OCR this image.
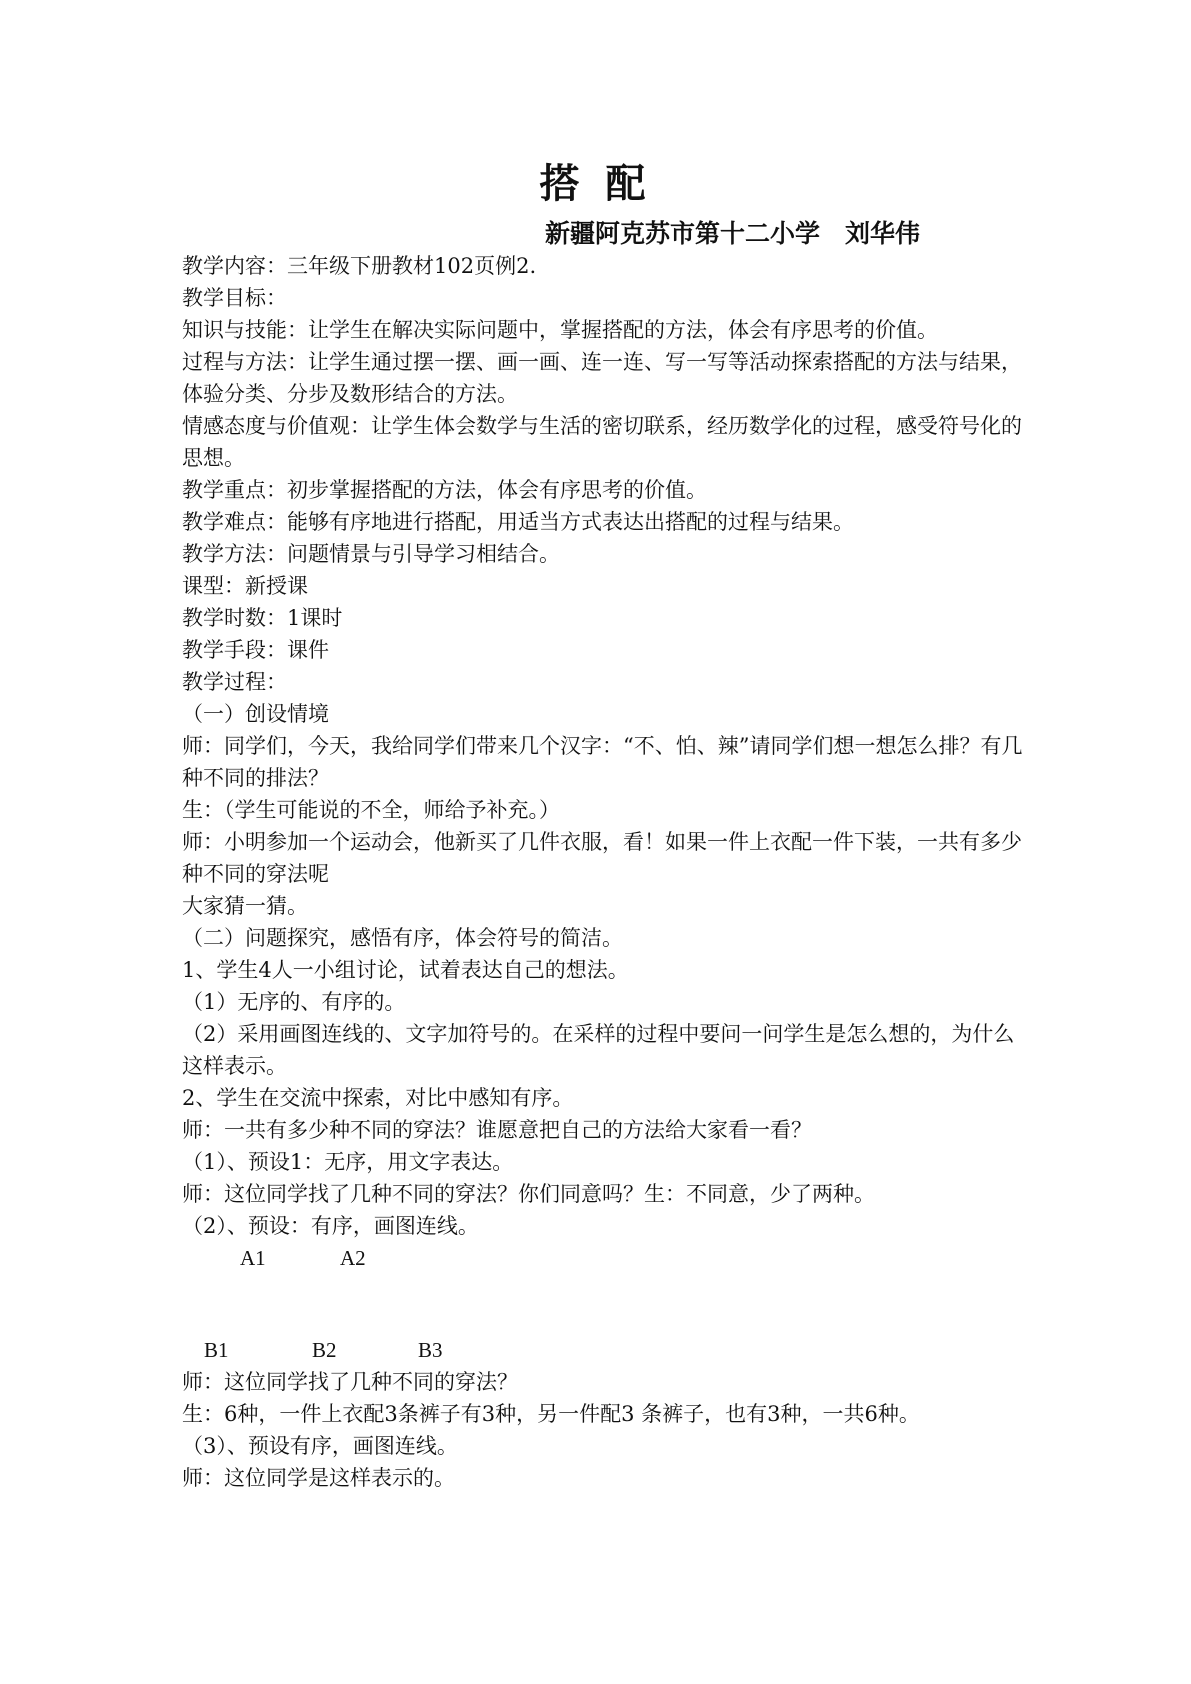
搭 配
新疆阿克苏市第十二小学　刘华伟

教学内容：三年级下册教材102页例2.

教学目标：

知识与技能：让学生在解决实际问题中，掌握搭配的方法，体会有序思考的价值。

过程与方法：让学生通过摆一摆、画一画、连一连、写一写等活动探索搭配的方法与结果，体验分类、分步及数形结合的方法。

情感态度与价值观：让学生体会数学与生活的密切联系，经历数学化的过程，感受符号化的思想。

教学重点：初步掌握搭配的方法，体会有序思考的价值。

教学难点：能够有序地进行搭配，用适当方式表达出搭配的过程与结果。

教学方法：问题情景与引导学习相结合。

课型：新授课

教学时数：1课时

教学手段：课件

教学过程：

（一）创设情境

师：同学们，今天，我给同学们带来几个汉字：“不、怕、辣”请同学们想一想怎么排？有几种不同的排法？

生：（学生可能说的不全，师给予补充。）

师：小明参加一个运动会，他新买了几件衣服，看！如果一件上衣配一件下装，一共有多少种不同的穿法呢

大家猜一猜。

（二）问题探究，感悟有序，体会符号的简洁。

1、学生4人一小组讨论，试着表达自己的想法。

（1）无序的、有序的。

（2）采用画图连线的、文字加符号的。在采样的过程中要问一问学生是怎么想的，为什么这样表示。

2、学生在交流中探索，对比中感知有序。

师：一共有多少种不同的穿法？谁愿意把自己的方法给大家看一看？

（1）、预设1：无序，用文字表达。

师：这位同学找了几种不同的穿法？你们同意吗？生：不同意，少了两种。

（2）、预设：有序，画图连线。

A1	A2
B1	B2	B3

师：这位同学找了几种不同的穿法？

生：6种，一件上衣配3条裤子有3种，另一件配3 条裤子，也有3种，一共6种。

（3）、预设有序，画图连线。

师：这位同学是这样表示的。
